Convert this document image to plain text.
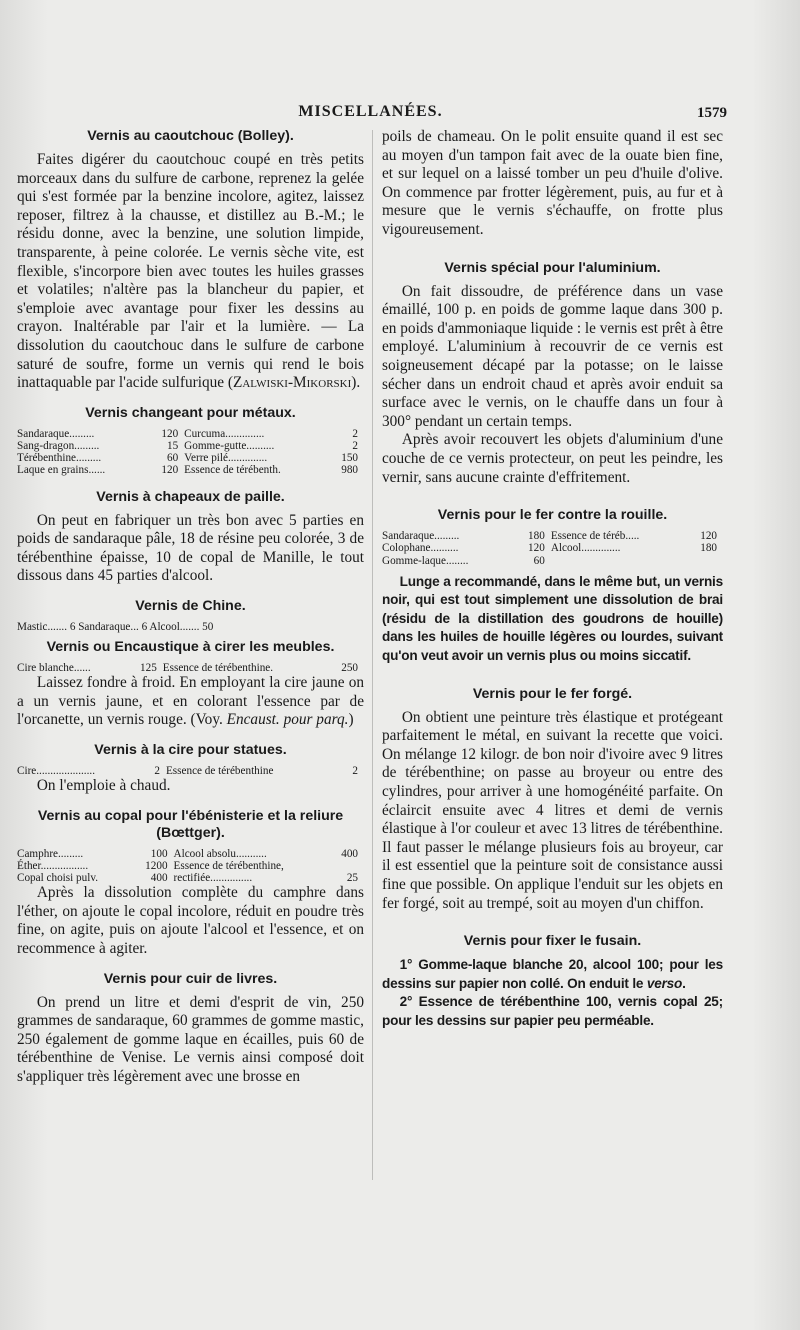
MISCELLANÉES.	1579
Vernis au caoutchouc (Bolley).

Faites digérer du caoutchouc coupé en très petits morceaux dans du sulfure de carbone, reprenez la gelée qui s'est formée par la benzine incolore, agitez, laissez reposer, filtrez à la chausse, et distillez au B.-M.; le résidu donne, avec la benzine, une solution limpide, transparente, à peine colorée. Le vernis sèche vite, est flexible, s'incorpore bien avec toutes les huiles grasses et volatiles; n'altère pas la blancheur du papier, et s'emploie avec avantage pour fixer les dessins au crayon. Inaltérable par l'air et la lumière. — La dissolution du caoutchouc dans le sulfure de carbone saturé de soufre, forme un vernis qui rend le bois inattaquable par l'acide sulfurique (Zalwiski-Mikorski).

Vernis changeant pour métaux.
Sandaraque.........	120	Curcuma..............	2
Sang-dragon.........	15	Gomme-gutte..........	2
Térébenthine.........	60	Verre pilé..............	150
Laque en grains......	120	Essence de térébenth.	980
Vernis à chapeaux de paille.

On peut en fabriquer un très bon avec 5 parties en poids de sandaraque pâle, 18 de résine peu colorée, 3 de térébenthine épaisse, 10 de copal de Manille, le tout dissous dans 45 parties d'alcool.

Vernis de Chine.
Mastic....... 6 Sandaraque... 6 Alcool....... 50
Vernis ou Encaustique à cirer les meubles.
Cire blanche......	125	Essence de térébenthine.	250

Laissez fondre à froid. En employant la cire jaune on a un vernis jaune, et en colorant l'essence par de l'orcanette, un vernis rouge. (Voy. Encaust. pour parq.)

Vernis à la cire pour statues.
Cire.....................	2	Essence de térébenthine	2

On l'emploie à chaud.

Vernis au copal pour l'ébénisterie et la reliure (Bœttger).
Camphre.........	100	Alcool absolu...........	400
Éther.................	1200	Essence de térébenthine,	
Copal choisi pulv.	400	rectifiée...............	25

Après la dissolution complète du camphre dans l'éther, on ajoute le copal incolore, réduit en poudre très fine, on agite, puis on ajoute l'alcool et l'essence, et on recommence à agiter.

Vernis pour cuir de livres.

On prend un litre et demi d'esprit de vin, 250 grammes de sandaraque, 60 grammes de gomme mastic, 250 également de gomme laque en écailles, puis 60 de térébenthine de Venise. Le vernis ainsi composé doit s'appliquer très légèrement avec une brosse en

poils de chameau. On le polit ensuite quand il est sec au moyen d'un tampon fait avec de la ouate bien fine, et sur lequel on a laissé tomber un peu d'huile d'olive. On commence par frotter légèrement, puis, au fur et à mesure que le vernis s'échauffe, on frotte plus vigoureusement.

Vernis spécial pour l'aluminium.

On fait dissoudre, de préférence dans un vase émaillé, 100 p. en poids de gomme laque dans 300 p. en poids d'ammoniaque liquide : le vernis est prêt à être employé. L'aluminium à recouvrir de ce vernis est soigneusement décapé par la potasse; on le laisse sécher dans un endroit chaud et après avoir enduit sa surface avec le vernis, on le chauffe dans un four à 300° pendant un certain temps.

Après avoir recouvert les objets d'aluminium d'une couche de ce vernis protecteur, on peut les peindre, les vernir, sans aucune crainte d'effritement.

Vernis pour le fer contre la rouille.
Sandaraque.........	180	Essence de téréb.....	120
Colophane..........	120	Alcool..............	180
Gomme-laque........	60		

Lunge a recommandé, dans le même but, un vernis noir, qui est tout simplement une dissolution de brai (résidu de la distillation des goudrons de houille) dans les huiles de houille légères ou lourdes, suivant qu'on veut avoir un vernis plus ou moins siccatif.

Vernis pour le fer forgé.

On obtient une peinture très élastique et protégeant parfaitement le métal, en suivant la recette que voici. On mélange 12 kilogr. de bon noir d'ivoire avec 9 litres de térébenthine; on passe au broyeur ou entre des cylindres, pour arriver à une homogénéité parfaite. On éclaircit ensuite avec 4 litres et demi de vernis élastique à l'or couleur et avec 13 litres de térébenthine. Il faut passer le mélange plusieurs fois au broyeur, car il est essentiel que la peinture soit de consistance aussi fine que possible. On applique l'enduit sur les objets en fer forgé, soit au trempé, soit au moyen d'un chiffon.

Vernis pour fixer le fusain.

1° Gomme-laque blanche 20, alcool 100; pour les dessins sur papier non collé. On enduit le verso.

2° Essence de térébenthine 100, vernis copal 25; pour les dessins sur papier peu perméable.
